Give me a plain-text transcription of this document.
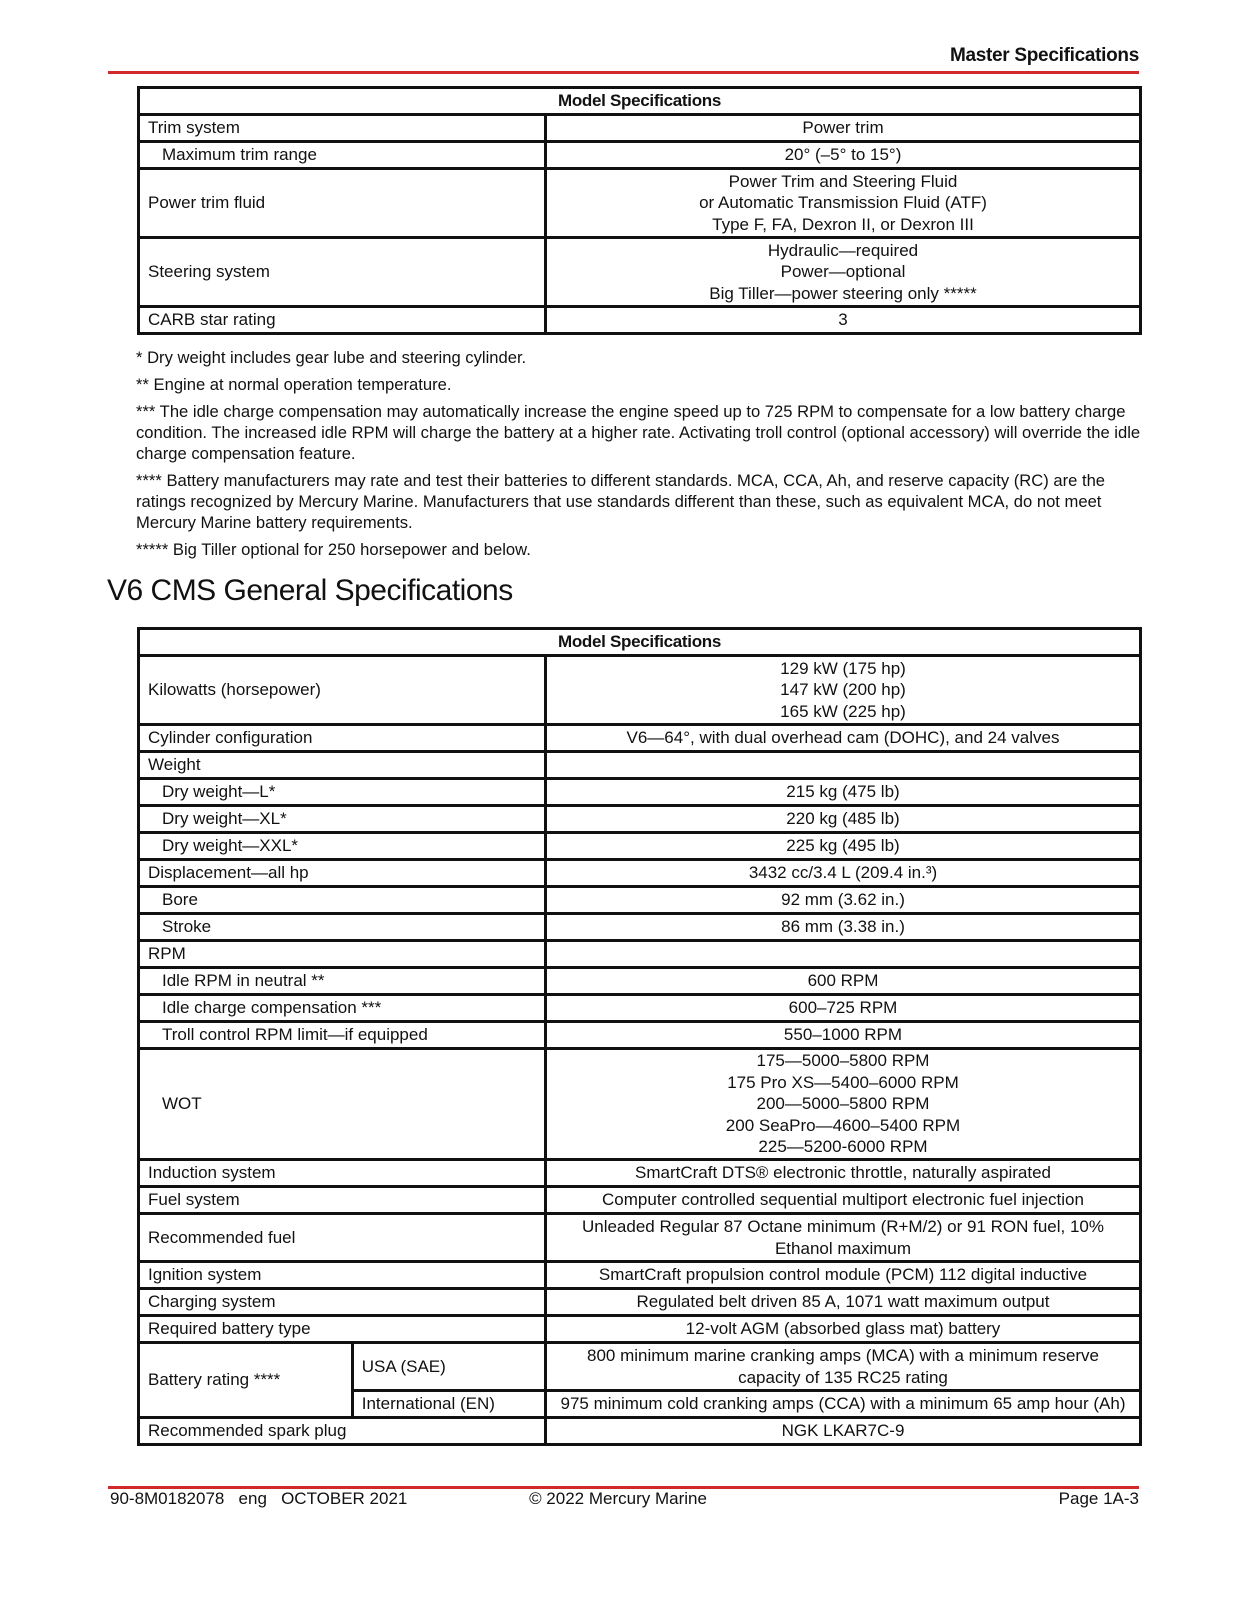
Master Specifications
Model Specifications	
Trim system	Power trim
Maximum trim range	20° (–5° to 15°)
Power trim fluid	Power Trim and Steering Fluid
or Automatic Transmission Fluid (ATF)
Type F, FA, Dexron II, or Dexron III
Steering system	Hydraulic—required
Power—optional
Big Tiller—power steering only *****
CARB star rating	3

* Dry weight includes gear lube and steering cylinder.

** Engine at normal operation temperature.

*** The idle charge compensation may automatically increase the engine speed up to 725 RPM to compensate for a low battery charge condition. The increased idle RPM will charge the battery at a higher rate. Activating troll control (optional accessory) will override the idle charge compensation feature.

**** Battery manufacturers may rate and test their batteries to different standards. MCA, CCA, Ah, and reserve capacity (RC) are the ratings recognized by Mercury Marine. Manufacturers that use standards different than these, such as equivalent MCA, do not meet Mercury Marine battery requirements.

***** Big Tiller optional for 250 horsepower and below.

V6 CMS General Specifications
Model Specifications		
Kilowatts (horsepower)		129 kW (175 hp)
147 kW (200 hp)
165 kW (225 hp)
Cylinder configuration		V6—64°, with dual overhead cam (DOHC), and 24 valves
Weight		
Dry weight—L*		215 kg (475 lb)
Dry weight—XL*		220 kg (485 lb)
Dry weight—XXL*		225 kg (495 lb)
Displacement—all hp		3432 cc/3.4 L (209.4 in.³)
Bore		92 mm (3.62 in.)
Stroke		86 mm (3.38 in.)
RPM		
Idle RPM in neutral **		600 RPM
Idle charge compensation ***		600–725 RPM
Troll control RPM limit—if equipped		550–1000 RPM
WOT		175—5000–5800 RPM
175 Pro XS—5400–6000 RPM
200—5000–5800 RPM
200 SeaPro—4600–5400 RPM
225—5200-6000 RPM
Induction system		SmartCraft DTS® electronic throttle, naturally aspirated
Fuel system		Computer controlled sequential multiport electronic fuel injection
Recommended fuel		Unleaded Regular 87 Octane minimum (R+M/2) or 91 RON fuel, 10% Ethanol maximum
Ignition system		SmartCraft propulsion control module (PCM) 112 digital inductive
Charging system		Regulated belt driven 85 A, 1071 watt maximum output
Required battery type		12-volt AGM (absorbed glass mat) battery
Battery rating ****	USA (SAE)	800 minimum marine cranking amps (MCA) with a minimum reserve capacity of 135 RC25 rating
	International (EN)	975 minimum cold cranking amps (CCA) with a minimum 65 amp hour (Ah)
Recommended spark plug		NGK LKAR7C-9
90-8M0182078   eng   OCTOBER 2021	© 2022 Mercury Marine	Page 1A-3
